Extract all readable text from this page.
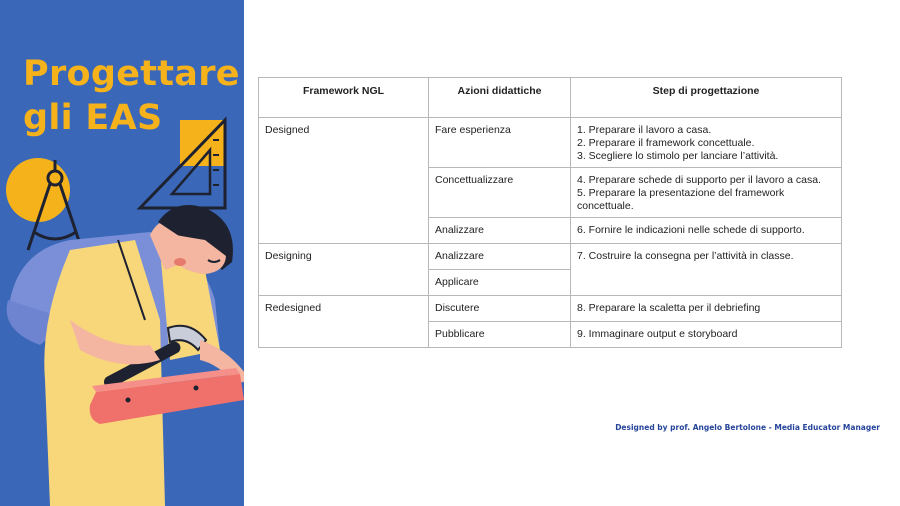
Progettare
gli EAS
Framework NGL	Azioni didattiche	Step di progettazione
Designed	Fare esperienza	1. Preparare il lavoro a casa.
2. Preparare il framework concettuale.
3. Scegliere lo stimolo per lanciare l’attività.

	Concettualizzare	4. Preparare schede di supporto per il lavoro a casa.
5. Preparare la presentazione del framework concettuale.

	Analizzare	6. Fornire le indicazioni nelle schede di supporto.

Designing	Analizzare	7. Costruire la consegna per l’attività in classe.

	Applicare	
Redesigned	Discutere	8. Preparare la scaletta per il debriefing

	Pubblicare	9. Immaginare output e storyboard
Designed by prof. Angelo Bertolone - Media Educator Manager
